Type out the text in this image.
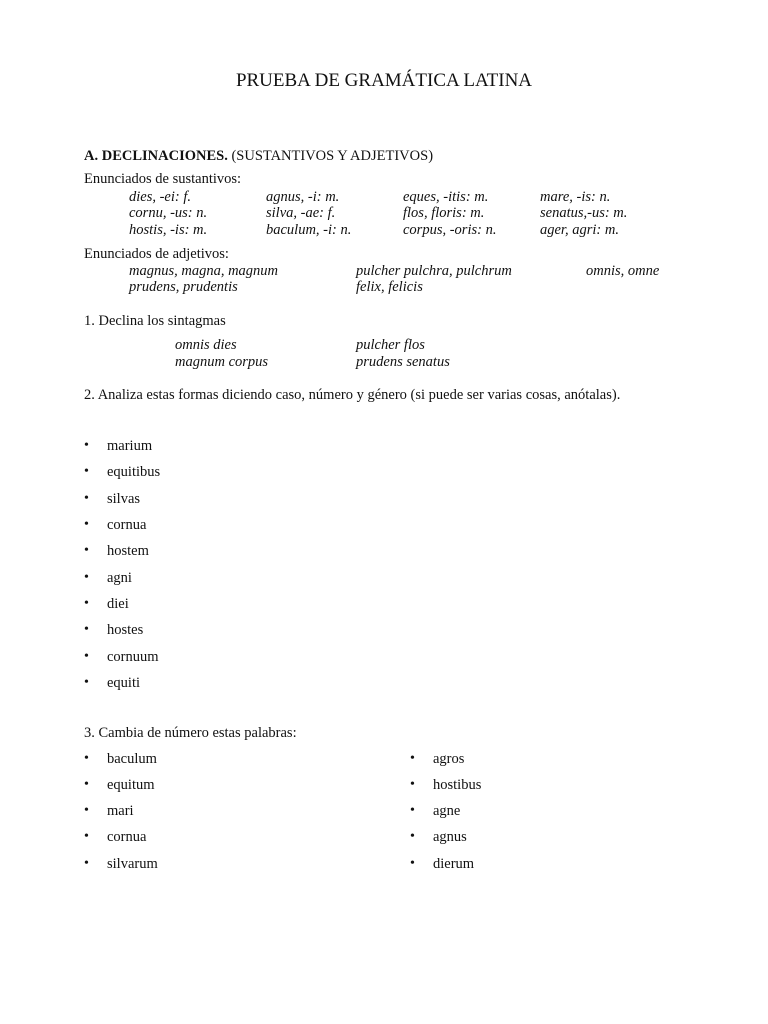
PRUEBA DE GRAMÁTICA LATINA
A. DECLINACIONES. (SUSTANTIVOS Y ADJETIVOS)
Enunciados de sustantivos:
dies, -ei: f.	agnus, -i: m.	eques, -itis: m.	mare, -is: n.
cornu, -us: n.	silva, -ae: f.	flos, floris: m.	senatus,-us: m.
hostis, -is: m.	baculum, -i: n.	corpus, -oris: n.	ager, agri: m.
Enunciados de adjetivos:
magnus, magna, magnum	pulcher pulchra, pulchrum	omnis, omne
prudens, prudentis	felix, felicis
1. Declina los sintagmas
omnis dies	pulcher flos
magnum corpus	prudens senatus
2. Analiza estas formas diciendo caso, número y género (si puede ser varias cosas, anótalas).
• marium
• equitibus
• silvas
• cornua
• hostem
• agni
• diei
• hostes
• cornuum
• equiti
3. Cambia de número estas palabras:
• baculum
• equitum
• mari
• cornua
• silvarum
• agros
• hostibus
• agne
• agnus
• dierum
